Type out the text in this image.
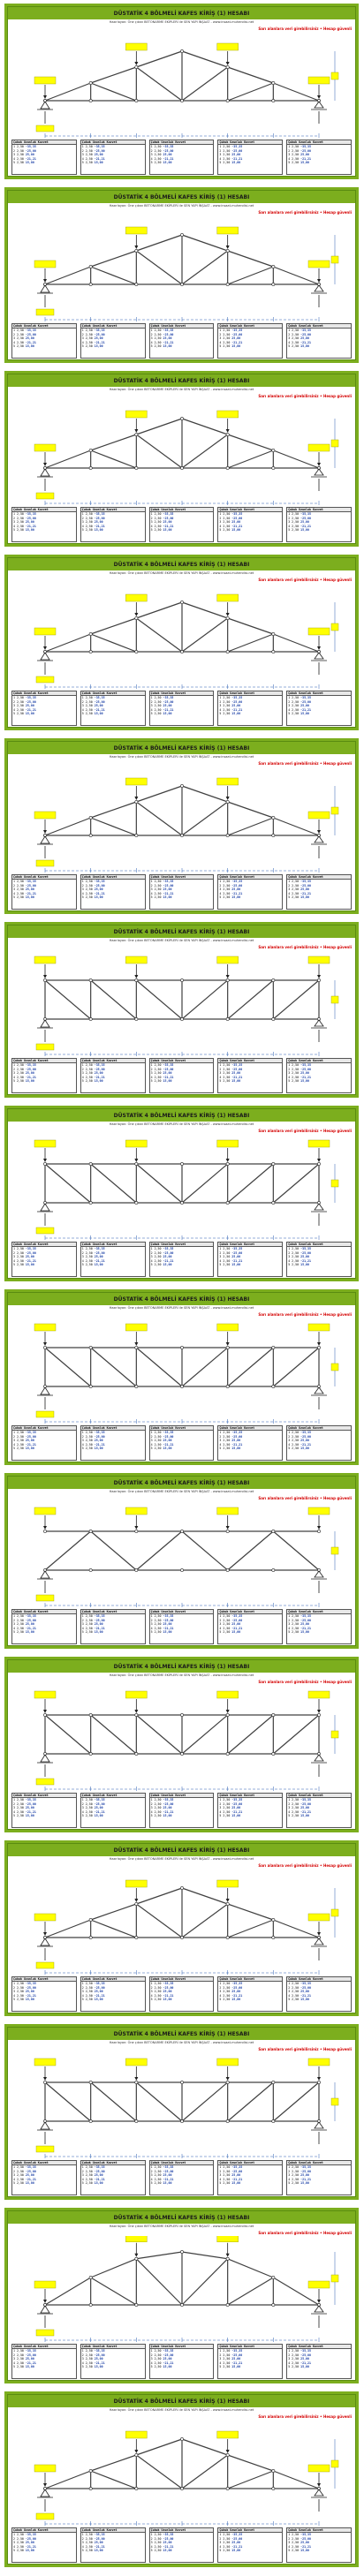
DÜSTATİK 4 BÖLMELİ KAFES KİRİŞ (1) HESABI
Hazırlayan: Öne çıkan BETONARME EKİPLERİ ile SEN YAPI İNŞAAT - www.insaat-muhendisi.net
Sarı alanlara veri girebilirsiniz • Hesap güvenli
Çubuk Uzunluk Kuvvet
1 2,50 -35,35
2 2,50 -25,00
3 2,50 25,00
4 2,50 -21,21
5 2,50 15,00
Çubuk Uzunluk Kuvvet
1 2,50 -35,35
2 2,50 -25,00
3 2,50 25,00
4 2,50 -21,21
5 2,50 15,00
Çubuk Uzunluk Kuvvet
1 2,50 -35,35
2 2,50 -25,00
3 2,50 25,00
4 2,50 -21,21
5 2,50 15,00
Çubuk Uzunluk Kuvvet
1 2,50 -35,35
2 2,50 -25,00
3 2,50 25,00
4 2,50 -21,21
5 2,50 15,00
Çubuk Uzunluk Kuvvet
1 2,50 -35,35
2 2,50 -25,00
3 2,50 25,00
4 2,50 -21,21
5 2,50 15,00
DÜSTATİK 4 BÖLMELİ KAFES KİRİŞ (1) HESABI
Hazırlayan: Öne çıkan BETONARME EKİPLERİ ile SEN YAPI İNŞAAT - www.insaat-muhendisi.net
Sarı alanlara veri girebilirsiniz • Hesap güvenli
Çubuk Uzunluk Kuvvet
1 2,50 -35,35
2 2,50 -25,00
3 2,50 25,00
4 2,50 -21,21
5 2,50 15,00
Çubuk Uzunluk Kuvvet
1 2,50 -35,35
2 2,50 -25,00
3 2,50 25,00
4 2,50 -21,21
5 2,50 15,00
Çubuk Uzunluk Kuvvet
1 2,50 -35,35
2 2,50 -25,00
3 2,50 25,00
4 2,50 -21,21
5 2,50 15,00
Çubuk Uzunluk Kuvvet
1 2,50 -35,35
2 2,50 -25,00
3 2,50 25,00
4 2,50 -21,21
5 2,50 15,00
Çubuk Uzunluk Kuvvet
1 2,50 -35,35
2 2,50 -25,00
3 2,50 25,00
4 2,50 -21,21
5 2,50 15,00
DÜSTATİK 4 BÖLMELİ KAFES KİRİŞ (1) HESABI
Hazırlayan: Öne çıkan BETONARME EKİPLERİ ile SEN YAPI İNŞAAT - www.insaat-muhendisi.net
Sarı alanlara veri girebilirsiniz • Hesap güvenli
Çubuk Uzunluk Kuvvet
1 2,50 -35,35
2 2,50 -25,00
3 2,50 25,00
4 2,50 -21,21
5 2,50 15,00
Çubuk Uzunluk Kuvvet
1 2,50 -35,35
2 2,50 -25,00
3 2,50 25,00
4 2,50 -21,21
5 2,50 15,00
Çubuk Uzunluk Kuvvet
1 2,50 -35,35
2 2,50 -25,00
3 2,50 25,00
4 2,50 -21,21
5 2,50 15,00
Çubuk Uzunluk Kuvvet
1 2,50 -35,35
2 2,50 -25,00
3 2,50 25,00
4 2,50 -21,21
5 2,50 15,00
Çubuk Uzunluk Kuvvet
1 2,50 -35,35
2 2,50 -25,00
3 2,50 25,00
4 2,50 -21,21
5 2,50 15,00
DÜSTATİK 4 BÖLMELİ KAFES KİRİŞ (1) HESABI
Hazırlayan: Öne çıkan BETONARME EKİPLERİ ile SEN YAPI İNŞAAT - www.insaat-muhendisi.net
Sarı alanlara veri girebilirsiniz • Hesap güvenli
Çubuk Uzunluk Kuvvet
1 2,50 -35,35
2 2,50 -25,00
3 2,50 25,00
4 2,50 -21,21
5 2,50 15,00
Çubuk Uzunluk Kuvvet
1 2,50 -35,35
2 2,50 -25,00
3 2,50 25,00
4 2,50 -21,21
5 2,50 15,00
Çubuk Uzunluk Kuvvet
1 2,50 -35,35
2 2,50 -25,00
3 2,50 25,00
4 2,50 -21,21
5 2,50 15,00
Çubuk Uzunluk Kuvvet
1 2,50 -35,35
2 2,50 -25,00
3 2,50 25,00
4 2,50 -21,21
5 2,50 15,00
Çubuk Uzunluk Kuvvet
1 2,50 -35,35
2 2,50 -25,00
3 2,50 25,00
4 2,50 -21,21
5 2,50 15,00
DÜSTATİK 4 BÖLMELİ KAFES KİRİŞ (1) HESABI
Hazırlayan: Öne çıkan BETONARME EKİPLERİ ile SEN YAPI İNŞAAT - www.insaat-muhendisi.net
Sarı alanlara veri girebilirsiniz • Hesap güvenli
Çubuk Uzunluk Kuvvet
1 2,50 -35,35
2 2,50 -25,00
3 2,50 25,00
4 2,50 -21,21
5 2,50 15,00
Çubuk Uzunluk Kuvvet
1 2,50 -35,35
2 2,50 -25,00
3 2,50 25,00
4 2,50 -21,21
5 2,50 15,00
Çubuk Uzunluk Kuvvet
1 2,50 -35,35
2 2,50 -25,00
3 2,50 25,00
4 2,50 -21,21
5 2,50 15,00
Çubuk Uzunluk Kuvvet
1 2,50 -35,35
2 2,50 -25,00
3 2,50 25,00
4 2,50 -21,21
5 2,50 15,00
Çubuk Uzunluk Kuvvet
1 2,50 -35,35
2 2,50 -25,00
3 2,50 25,00
4 2,50 -21,21
5 2,50 15,00
DÜSTATİK 4 BÖLMELİ KAFES KİRİŞ (1) HESABI
Hazırlayan: Öne çıkan BETONARME EKİPLERİ ile SEN YAPI İNŞAAT - www.insaat-muhendisi.net
Sarı alanlara veri girebilirsiniz • Hesap güvenli
Çubuk Uzunluk Kuvvet
1 2,50 -35,35
2 2,50 -25,00
3 2,50 25,00
4 2,50 -21,21
5 2,50 15,00
Çubuk Uzunluk Kuvvet
1 2,50 -35,35
2 2,50 -25,00
3 2,50 25,00
4 2,50 -21,21
5 2,50 15,00
Çubuk Uzunluk Kuvvet
1 2,50 -35,35
2 2,50 -25,00
3 2,50 25,00
4 2,50 -21,21
5 2,50 15,00
Çubuk Uzunluk Kuvvet
1 2,50 -35,35
2 2,50 -25,00
3 2,50 25,00
4 2,50 -21,21
5 2,50 15,00
Çubuk Uzunluk Kuvvet
1 2,50 -35,35
2 2,50 -25,00
3 2,50 25,00
4 2,50 -21,21
5 2,50 15,00
DÜSTATİK 4 BÖLMELİ KAFES KİRİŞ (1) HESABI
Hazırlayan: Öne çıkan BETONARME EKİPLERİ ile SEN YAPI İNŞAAT - www.insaat-muhendisi.net
Sarı alanlara veri girebilirsiniz • Hesap güvenli
Çubuk Uzunluk Kuvvet
1 2,50 -35,35
2 2,50 -25,00
3 2,50 25,00
4 2,50 -21,21
5 2,50 15,00
Çubuk Uzunluk Kuvvet
1 2,50 -35,35
2 2,50 -25,00
3 2,50 25,00
4 2,50 -21,21
5 2,50 15,00
Çubuk Uzunluk Kuvvet
1 2,50 -35,35
2 2,50 -25,00
3 2,50 25,00
4 2,50 -21,21
5 2,50 15,00
Çubuk Uzunluk Kuvvet
1 2,50 -35,35
2 2,50 -25,00
3 2,50 25,00
4 2,50 -21,21
5 2,50 15,00
Çubuk Uzunluk Kuvvet
1 2,50 -35,35
2 2,50 -25,00
3 2,50 25,00
4 2,50 -21,21
5 2,50 15,00
DÜSTATİK 4 BÖLMELİ KAFES KİRİŞ (1) HESABI
Hazırlayan: Öne çıkan BETONARME EKİPLERİ ile SEN YAPI İNŞAAT - www.insaat-muhendisi.net
Sarı alanlara veri girebilirsiniz • Hesap güvenli
Çubuk Uzunluk Kuvvet
1 2,50 -35,35
2 2,50 -25,00
3 2,50 25,00
4 2,50 -21,21
5 2,50 15,00
Çubuk Uzunluk Kuvvet
1 2,50 -35,35
2 2,50 -25,00
3 2,50 25,00
4 2,50 -21,21
5 2,50 15,00
Çubuk Uzunluk Kuvvet
1 2,50 -35,35
2 2,50 -25,00
3 2,50 25,00
4 2,50 -21,21
5 2,50 15,00
Çubuk Uzunluk Kuvvet
1 2,50 -35,35
2 2,50 -25,00
3 2,50 25,00
4 2,50 -21,21
5 2,50 15,00
Çubuk Uzunluk Kuvvet
1 2,50 -35,35
2 2,50 -25,00
3 2,50 25,00
4 2,50 -21,21
5 2,50 15,00
DÜSTATİK 4 BÖLMELİ KAFES KİRİŞ (1) HESABI
Hazırlayan: Öne çıkan BETONARME EKİPLERİ ile SEN YAPI İNŞAAT - www.insaat-muhendisi.net
Sarı alanlara veri girebilirsiniz • Hesap güvenli
Çubuk Uzunluk Kuvvet
1 2,50 -35,35
2 2,50 -25,00
3 2,50 25,00
4 2,50 -21,21
5 2,50 15,00
Çubuk Uzunluk Kuvvet
1 2,50 -35,35
2 2,50 -25,00
3 2,50 25,00
4 2,50 -21,21
5 2,50 15,00
Çubuk Uzunluk Kuvvet
1 2,50 -35,35
2 2,50 -25,00
3 2,50 25,00
4 2,50 -21,21
5 2,50 15,00
Çubuk Uzunluk Kuvvet
1 2,50 -35,35
2 2,50 -25,00
3 2,50 25,00
4 2,50 -21,21
5 2,50 15,00
Çubuk Uzunluk Kuvvet
1 2,50 -35,35
2 2,50 -25,00
3 2,50 25,00
4 2,50 -21,21
5 2,50 15,00
DÜSTATİK 4 BÖLMELİ KAFES KİRİŞ (1) HESABI
Hazırlayan: Öne çıkan BETONARME EKİPLERİ ile SEN YAPI İNŞAAT - www.insaat-muhendisi.net
Sarı alanlara veri girebilirsiniz • Hesap güvenli
Çubuk Uzunluk Kuvvet
1 2,50 -35,35
2 2,50 -25,00
3 2,50 25,00
4 2,50 -21,21
5 2,50 15,00
Çubuk Uzunluk Kuvvet
1 2,50 -35,35
2 2,50 -25,00
3 2,50 25,00
4 2,50 -21,21
5 2,50 15,00
Çubuk Uzunluk Kuvvet
1 2,50 -35,35
2 2,50 -25,00
3 2,50 25,00
4 2,50 -21,21
5 2,50 15,00
Çubuk Uzunluk Kuvvet
1 2,50 -35,35
2 2,50 -25,00
3 2,50 25,00
4 2,50 -21,21
5 2,50 15,00
Çubuk Uzunluk Kuvvet
1 2,50 -35,35
2 2,50 -25,00
3 2,50 25,00
4 2,50 -21,21
5 2,50 15,00
DÜSTATİK 4 BÖLMELİ KAFES KİRİŞ (1) HESABI
Hazırlayan: Öne çıkan BETONARME EKİPLERİ ile SEN YAPI İNŞAAT - www.insaat-muhendisi.net
Sarı alanlara veri girebilirsiniz • Hesap güvenli
Çubuk Uzunluk Kuvvet
1 2,50 -35,35
2 2,50 -25,00
3 2,50 25,00
4 2,50 -21,21
5 2,50 15,00
Çubuk Uzunluk Kuvvet
1 2,50 -35,35
2 2,50 -25,00
3 2,50 25,00
4 2,50 -21,21
5 2,50 15,00
Çubuk Uzunluk Kuvvet
1 2,50 -35,35
2 2,50 -25,00
3 2,50 25,00
4 2,50 -21,21
5 2,50 15,00
Çubuk Uzunluk Kuvvet
1 2,50 -35,35
2 2,50 -25,00
3 2,50 25,00
4 2,50 -21,21
5 2,50 15,00
Çubuk Uzunluk Kuvvet
1 2,50 -35,35
2 2,50 -25,00
3 2,50 25,00
4 2,50 -21,21
5 2,50 15,00
DÜSTATİK 4 BÖLMELİ KAFES KİRİŞ (1) HESABI
Hazırlayan: Öne çıkan BETONARME EKİPLERİ ile SEN YAPI İNŞAAT - www.insaat-muhendisi.net
Sarı alanlara veri girebilirsiniz • Hesap güvenli
Çubuk Uzunluk Kuvvet
1 2,50 -35,35
2 2,50 -25,00
3 2,50 25,00
4 2,50 -21,21
5 2,50 15,00
Çubuk Uzunluk Kuvvet
1 2,50 -35,35
2 2,50 -25,00
3 2,50 25,00
4 2,50 -21,21
5 2,50 15,00
Çubuk Uzunluk Kuvvet
1 2,50 -35,35
2 2,50 -25,00
3 2,50 25,00
4 2,50 -21,21
5 2,50 15,00
Çubuk Uzunluk Kuvvet
1 2,50 -35,35
2 2,50 -25,00
3 2,50 25,00
4 2,50 -21,21
5 2,50 15,00
Çubuk Uzunluk Kuvvet
1 2,50 -35,35
2 2,50 -25,00
3 2,50 25,00
4 2,50 -21,21
5 2,50 15,00
DÜSTATİK 4 BÖLMELİ KAFES KİRİŞ (1) HESABI
Hazırlayan: Öne çıkan BETONARME EKİPLERİ ile SEN YAPI İNŞAAT - www.insaat-muhendisi.net
Sarı alanlara veri girebilirsiniz • Hesap güvenli
Çubuk Uzunluk Kuvvet
1 2,50 -35,35
2 2,50 -25,00
3 2,50 25,00
4 2,50 -21,21
5 2,50 15,00
Çubuk Uzunluk Kuvvet
1 2,50 -35,35
2 2,50 -25,00
3 2,50 25,00
4 2,50 -21,21
5 2,50 15,00
Çubuk Uzunluk Kuvvet
1 2,50 -35,35
2 2,50 -25,00
3 2,50 25,00
4 2,50 -21,21
5 2,50 15,00
Çubuk Uzunluk Kuvvet
1 2,50 -35,35
2 2,50 -25,00
3 2,50 25,00
4 2,50 -21,21
5 2,50 15,00
Çubuk Uzunluk Kuvvet
1 2,50 -35,35
2 2,50 -25,00
3 2,50 25,00
4 2,50 -21,21
5 2,50 15,00
DÜSTATİK 4 BÖLMELİ KAFES KİRİŞ (1) HESABI
Hazırlayan: Öne çıkan BETONARME EKİPLERİ ile SEN YAPI İNŞAAT - www.insaat-muhendisi.net
Sarı alanlara veri girebilirsiniz • Hesap güvenli
Çubuk Uzunluk Kuvvet
1 2,50 -35,35
2 2,50 -25,00
3 2,50 25,00
4 2,50 -21,21
5 2,50 15,00
Çubuk Uzunluk Kuvvet
1 2,50 -35,35
2 2,50 -25,00
3 2,50 25,00
4 2,50 -21,21
5 2,50 15,00
Çubuk Uzunluk Kuvvet
1 2,50 -35,35
2 2,50 -25,00
3 2,50 25,00
4 2,50 -21,21
5 2,50 15,00
Çubuk Uzunluk Kuvvet
1 2,50 -35,35
2 2,50 -25,00
3 2,50 25,00
4 2,50 -21,21
5 2,50 15,00
Çubuk Uzunluk Kuvvet
1 2,50 -35,35
2 2,50 -25,00
3 2,50 25,00
4 2,50 -21,21
5 2,50 15,00
